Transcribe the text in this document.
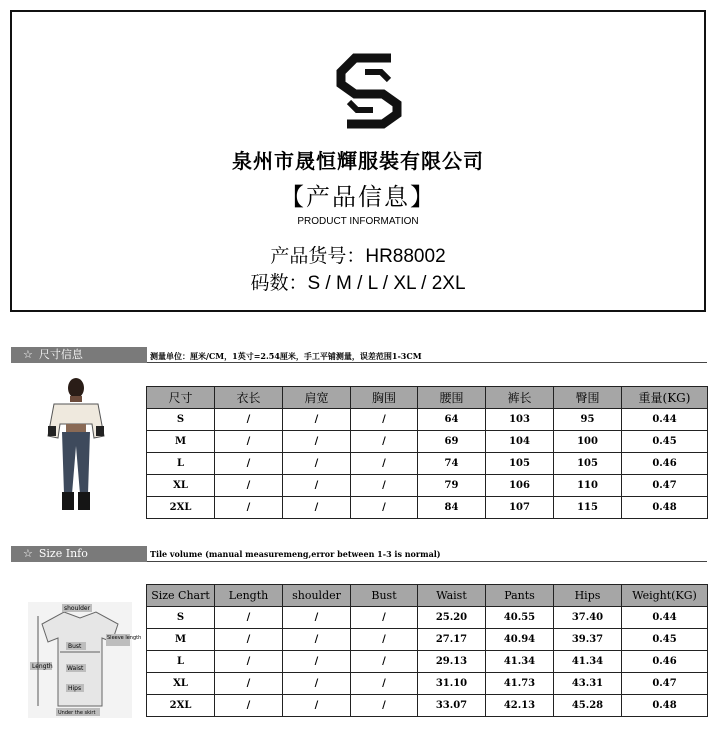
泉州市晟恒輝服裝有限公司
【产品信息】
PRODUCT INFORMATION
产品货号：HR88002
码数：S / M / L / XL / 2XL
☆ 尺寸信息	测量单位：厘米/CM，1英寸=2.54厘米，手工平铺测量，误差范围1-3CM
尺寸	衣长	肩宽	胸围	腰围	裤长	臀围	重量(KG)
S	/	/	/	64	103	95	0.44
M	/	/	/	69	104	100	0.45
L	/	/	/	74	105	105	0.46
XL	/	/	/	79	106	110	0.47
2XL	/	/	/	84	107	115	0.48
☆ Size Info	Tile volume (manual measuremeng,error between 1-3 is normal)
shoulder
Bust
Sleeve length
Waist
Length
Hips
Under the skirt
Size Chart	Length	shoulder	Bust	Waist	Pants	Hips	Weight(KG)
S	/	/	/	25.20	40.55	37.40	0.44
M	/	/	/	27.17	40.94	39.37	0.45
L	/	/	/	29.13	41.34	41.34	0.46
XL	/	/	/	31.10	41.73	43.31	0.47
2XL	/	/	/	33.07	42.13	45.28	0.48
